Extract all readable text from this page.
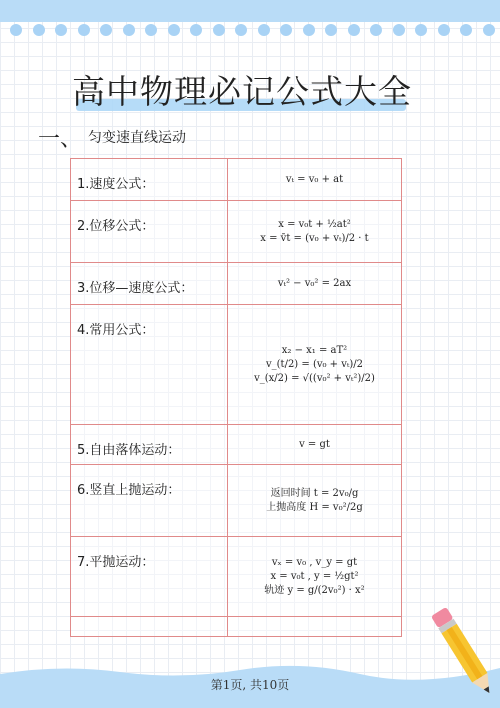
高中物理必记公式大全
一、 匀变速直线运动
1.速度公式：	vₜ = v₀ + at

2.位移公式：	x = v₀t + ½at²
x = v̄t = (v₀ + vₜ)/2 · t

3.位移—速度公式：	vₜ² − v₀² = 2ax

4.常用公式：	x₂ − x₁ = aT²
v_(t/2) = (v₀ + vₜ)/2
v_(x/2) = √((v₀² + vₜ²)/2)

5.自由落体运动：	v = gt

6.竖直上抛运动：	返回时间 t = 2v₀/g
上抛高度 H = v₀²/2g

7.平抛运动：	vₓ = v₀ , v_y = gt
x = v₀t , y = ½gt²
轨迹 y = g/(2v₀²) · x²

第1页, 共10页
